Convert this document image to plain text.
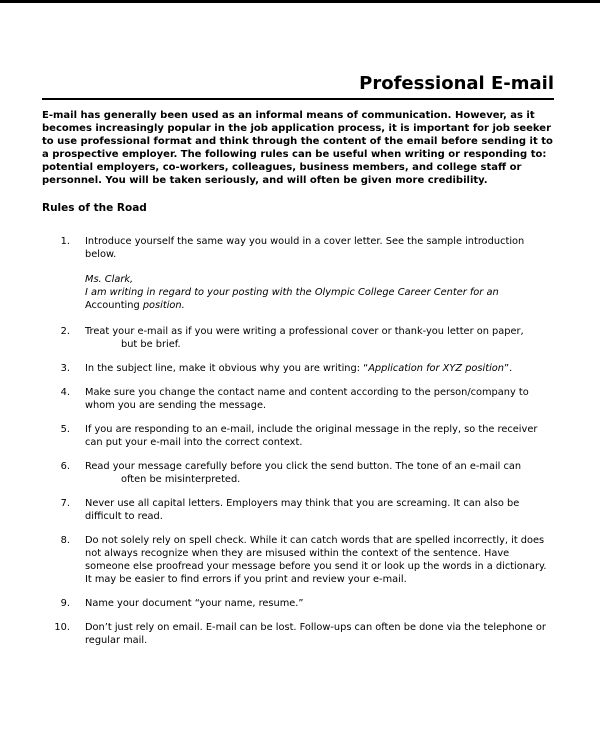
Professional E-mail

E-mail has generally been used as an informal means of communication. However, as it becomes increasingly popular in the job application process, it is important for job seeker to use professional format and think through the content of the email before sending it to a prospective employer. The following rules can be useful when writing or responding to: potential employers, co-workers, colleagues, business members, and college staff or personnel. You will be taken seriously, and will often be given more credibility.

Rules of the Road
1. Introduce yourself the same way you would in a cover letter. See the sample introduction below.
Ms. Clark,
I am writing in regard to your posting with the Olympic College Career Center for an Accounting position.
2. Treat your e-mail as if you were writing a professional cover or thank-you letter on paper,
but be brief.
3. In the subject line, make it obvious why you are writing: “Application for XYZ position”.
4. Make sure you change the contact name and content according to the person/company to whom you are sending the message.
5. If you are responding to an e-mail, include the original message in the reply, so the receiver can put your e-mail into the correct context.
6. Read your message carefully before you click the send button. The tone of an e-mail can
often be misinterpreted.
7. Never use all capital letters. Employers may think that you are screaming. It can also be difficult to read.
8. Do not solely rely on spell check. While it can catch words that are spelled incorrectly, it does not always recognize when they are misused within the context of the sentence. Have someone else proofread your message before you send it or look up the words in a dictionary. It may be easier to find errors if you print and review your e-mail.
9. Name your document “your name, resume.”
10. Don’t just rely on email. E-mail can be lost. Follow-ups can often be done via the telephone or regular mail.
